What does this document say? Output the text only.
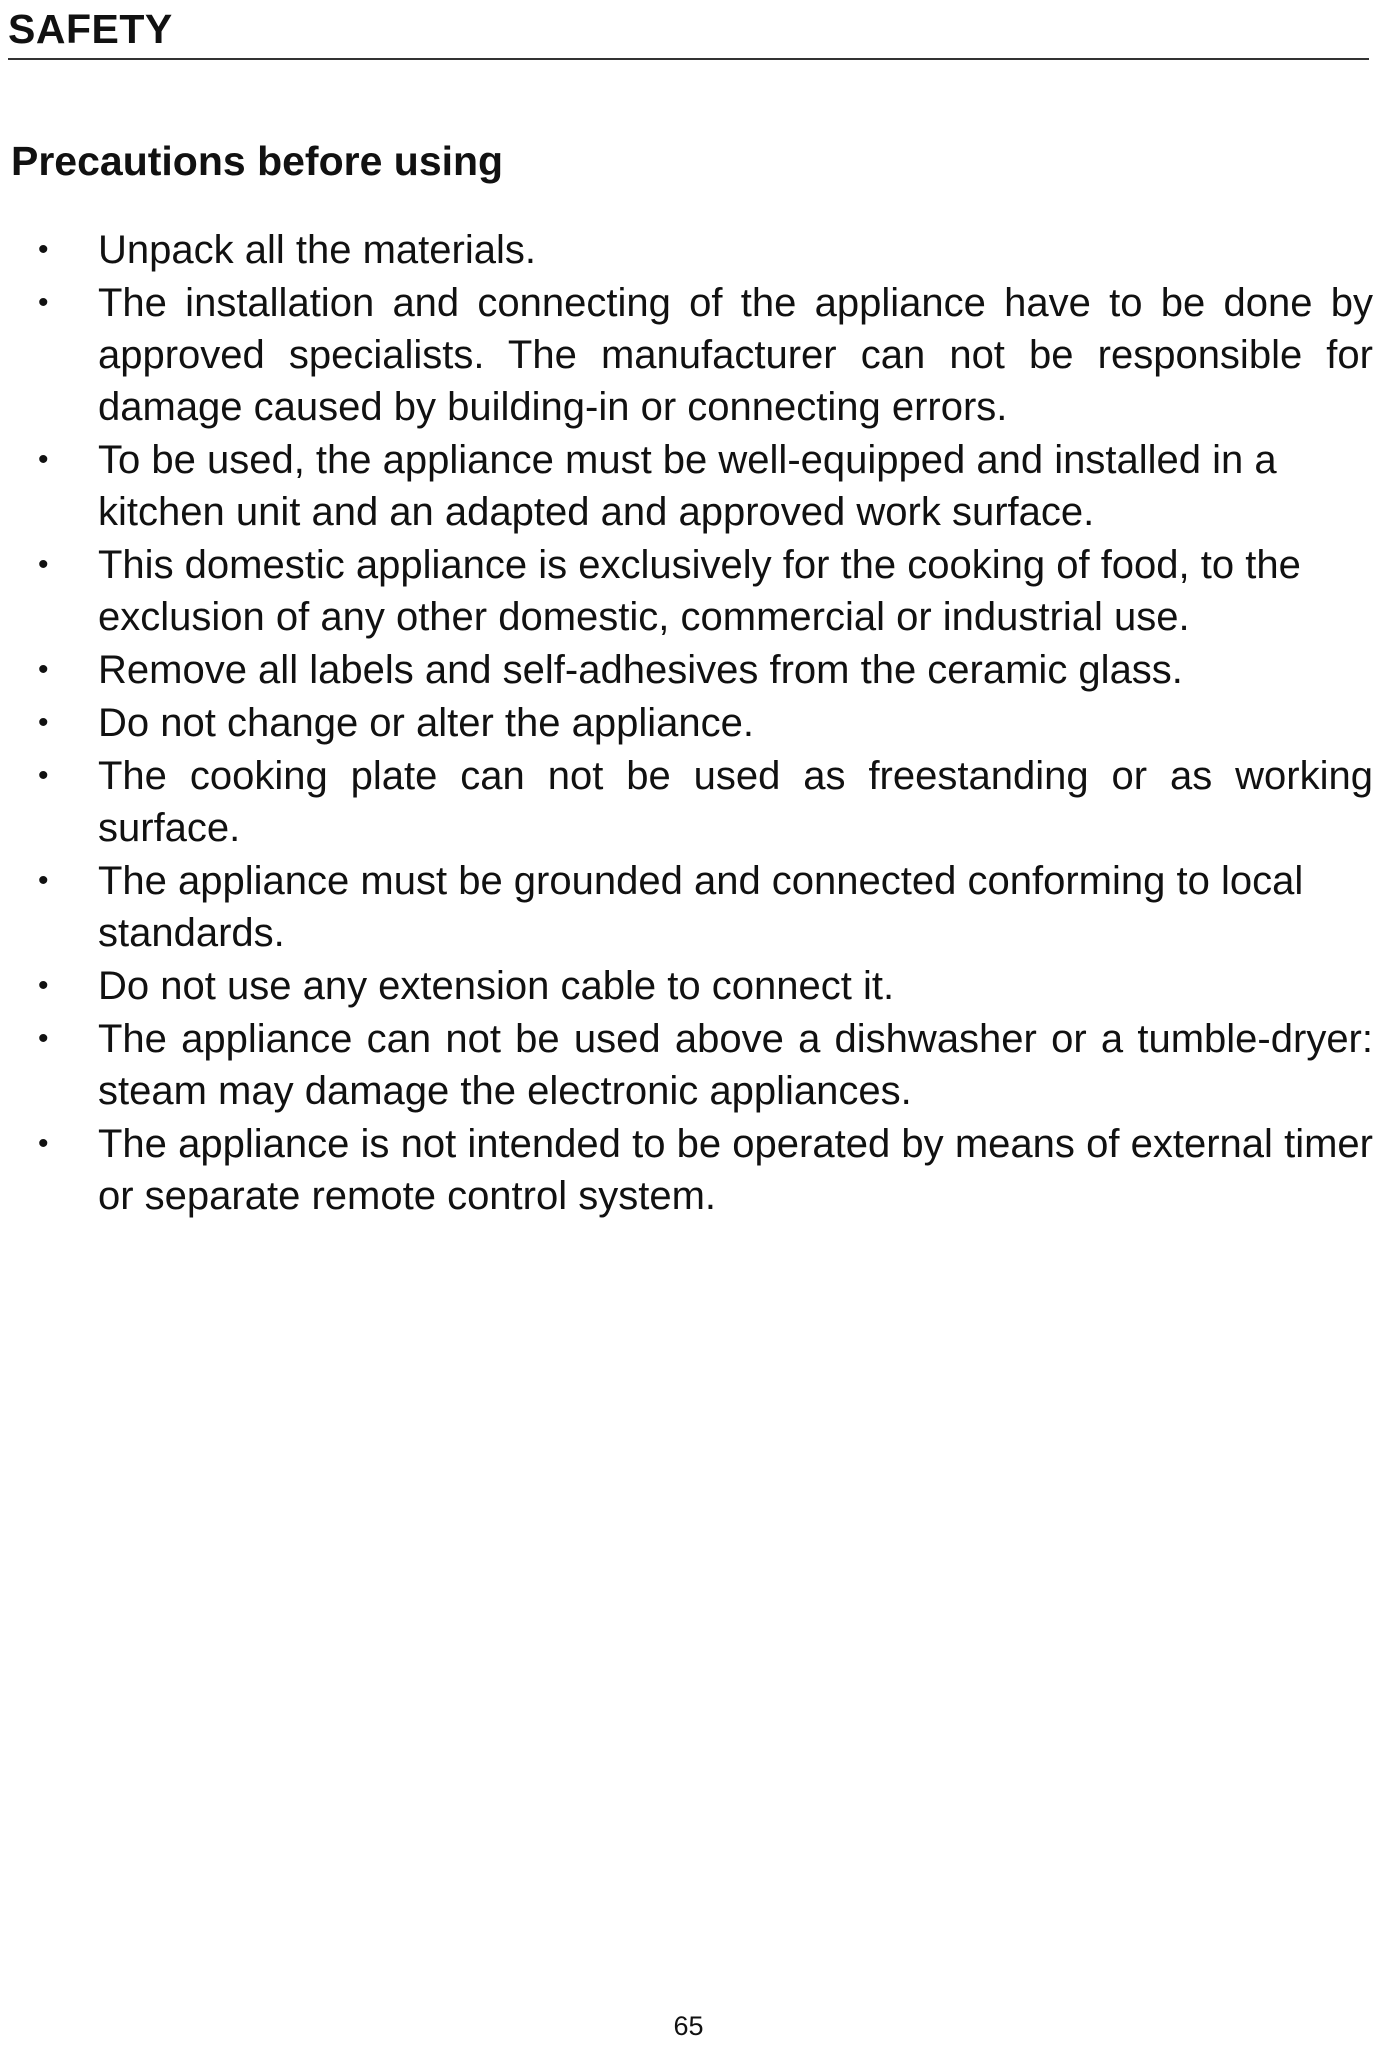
SAFETY
Precautions before using
•	Unpack all the materials.
•	The installation and connecting of the appliance have to be done by approved specialists. The manufacturer can not be responsible for damage caused by building-in or connecting errors.
•	To be used, the appliance must be well-equipped and installed in a kitchen unit and an adapted and approved work surface.
•	This domestic appliance is exclusively for the cooking of food, to the exclusion of any other domestic, commercial or industrial use.
•	Remove all labels and self-adhesives from the ceramic glass.
•	Do not change or alter the appliance.
•	The cooking plate can not be used as freestanding or as working surface.
•	The appliance must be grounded and connected conforming to local standards.
•	Do not use any extension cable to connect it.
•	The appliance can not be used above a dishwasher or a tumble-dryer: steam may damage the electronic appliances.
•	The appliance is not intended to be operated by means of external timer or separate remote control system.
65
